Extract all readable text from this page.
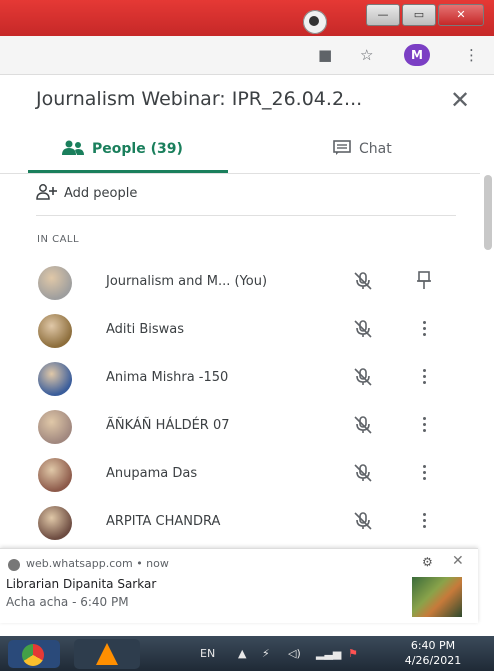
—	▭	✕
■ ☆	⋮
M
Journalism Webinar: IPR_26.04.2...	✕
People (39)	Chat
Add people
IN CALL
Journalism and M... (You)
Aditi Biswas
Anima Mishra -150
ÃÑKÁÑ HÁLDÉR 07
Anupama Das
ARPITA CHANDRA
web.whatsapp.com • now	⚙ ✕
Librarian Dipanita Sarkar
Acha acha - 6:40 PM
EN ▲ ⚡ ◁) ▂▃▅ ⚑
6:40 PM
4/26/2021
